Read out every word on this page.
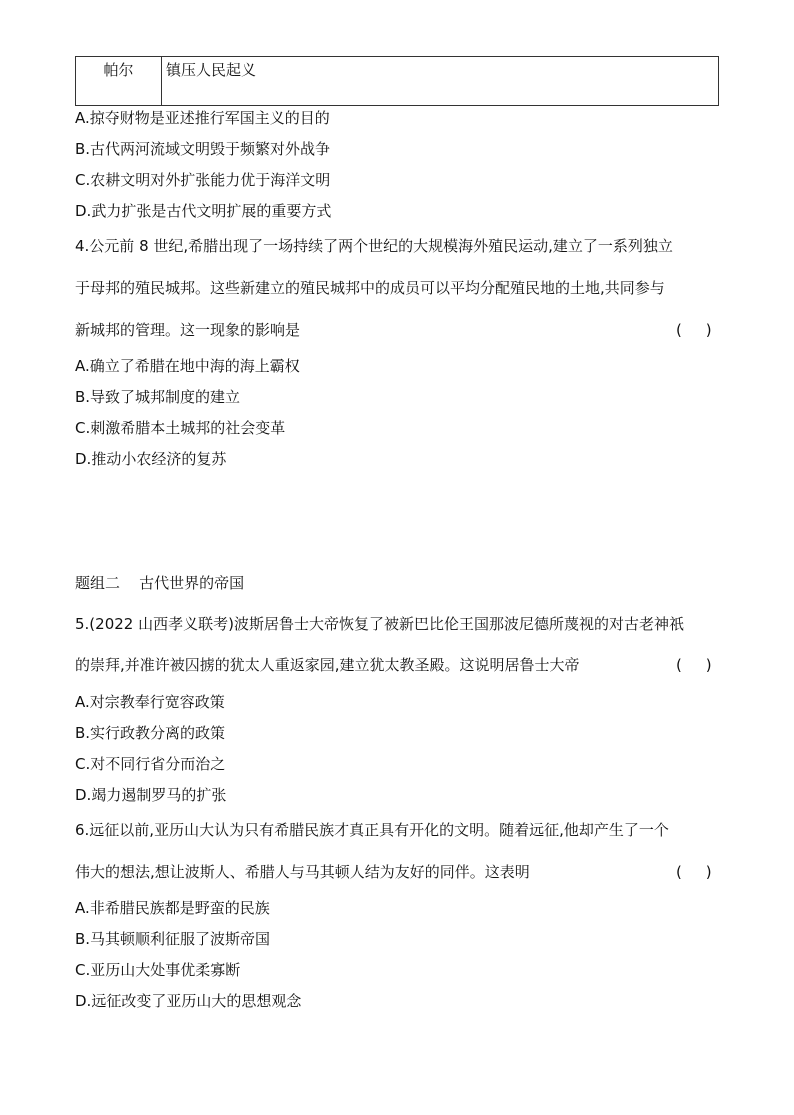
帕尔	镇压人民起义
A.掠夺财物是亚述推行军国主义的目的
B.古代两河流域文明毁于频繁对外战争
C.农耕文明对外扩张能力优于海洋文明
D.武力扩张是古代文明扩展的重要方式
4.公元前 8 世纪,希腊出现了一场持续了两个世纪的大规模海外殖民运动,建立了一系列独立
于母邦的殖民城邦。这些新建立的殖民城邦中的成员可以平均分配殖民地的土地,共同参与
新城邦的管理。这一现象的影响是	(     )
A.确立了希腊在地中海的海上霸权
B.导致了城邦制度的建立
C.刺激希腊本土城邦的社会变革
D.推动小农经济的复苏
题组二    古代世界的帝国
5.(2022 山西孝义联考)波斯居鲁士大帝恢复了被新巴比伦王国那波尼德所蔑视的对古老神祇
的崇拜,并准许被囚掳的犹太人重返家园,建立犹太教圣殿。这说明居鲁士大帝	(     )
A.对宗教奉行宽容政策
B.实行政教分离的政策
C.对不同行省分而治之
D.竭力遏制罗马的扩张
6.远征以前,亚历山大认为只有希腊民族才真正具有开化的文明。随着远征,他却产生了一个
伟大的想法,想让波斯人、希腊人与马其顿人结为友好的同伴。这表明	(     )
A.非希腊民族都是野蛮的民族
B.马其顿顺利征服了波斯帝国
C.亚历山大处事优柔寡断
D.远征改变了亚历山大的思想观念
